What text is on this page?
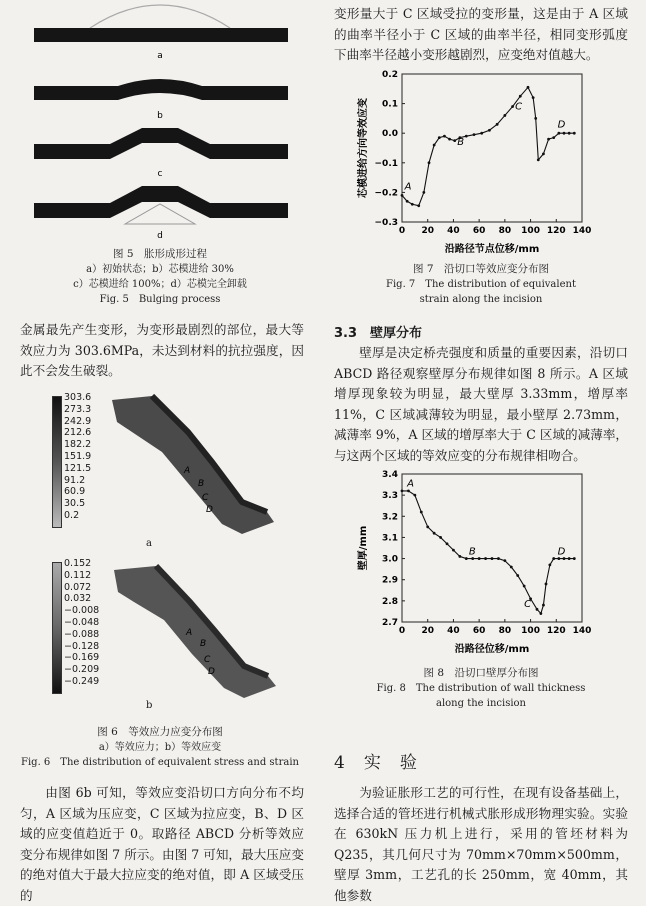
a
b
c
d
图 5　胀形成形过程
a）初始状态；b）芯模进给 30%
c）芯模进给 100%；d）芯模完全卸载
Fig. 5　Bulging process
金属最先产生变形，为变形最剧烈的部位，最大等效应力为 303.6MPa，未达到材料的抗拉强度，因此不会发生破裂。
303.6
273.3
242.9
212.6
182.2
151.9
121.5
91.2
60.9
30.5
0.2
A
B
C
D
a
0.152
0.112
0.072
0.032
−0.008
−0.048
−0.088
−0.128
−0.169
−0.209
−0.249
A
B
C
D
b
图 6　等效应力应变分布图
a）等效应力；b）等效应变
Fig. 6　The distribution of equivalent stress and strain
由图 6b 可知，等效应变沿切口方向分布不均匀，A 区域为压应变，C 区域为拉应变，B、D 区域的应变值趋近于 0。取路径 ABCD 分析等效应变分布规律如图 7 所示。由图 7 可知，最大压应变的绝对值大于最大拉应变的绝对值，即 A 区域受压的
变形量大于 C 区域受拉的变形量，这是由于 A 区域的曲率半径小于 C 区域的曲率半径，相同变形弧度下曲率半径越小变形越剧烈，应变绝对值越大。
0 20 40 60 80 100 120 140
0.2
0.1
0.0
−0.1
−0.2
−0.3
A
B
C
D
沿路径节点位移/mm
芯模进给方向等效应变
图 7　沿切口等效应变分布图
Fig. 7　The distribution of equivalent
strain along the incision
3.3　壁厚分布
壁厚是决定桥壳强度和质量的重要因素，沿切口 ABCD 路径观察壁厚分布规律如图 8 所示。A 区域增厚现象较为明显，最大壁厚 3.33mm，增厚率 11%，C 区域减薄较为明显，最小壁厚 2.73mm，减薄率 9%，A 区域的增厚率大于 C 区域的减薄率，与这两个区域的等效应变的分布规律相吻合。
0 20 40 60 80 100 120 140
3.4
3.3
3.2
3.1
3.0
2.9
2.8
2.7
A
B
C
D
沿路径位移/mm
壁厚/mm
图 8　沿切口壁厚分布图
Fig. 8　The distribution of wall thickness
along the incision
4　实　验
为验证胀形工艺的可行性，在现有设备基础上，选择合适的管坯进行机械式胀形成形物理实验。实验在 630kN 压力机上进行，采用的管坯材料为 Q235，其几何尺寸为 70mm×70mm×500mm，壁厚 3mm，工艺孔的长 250mm，宽 40mm，其他参数
